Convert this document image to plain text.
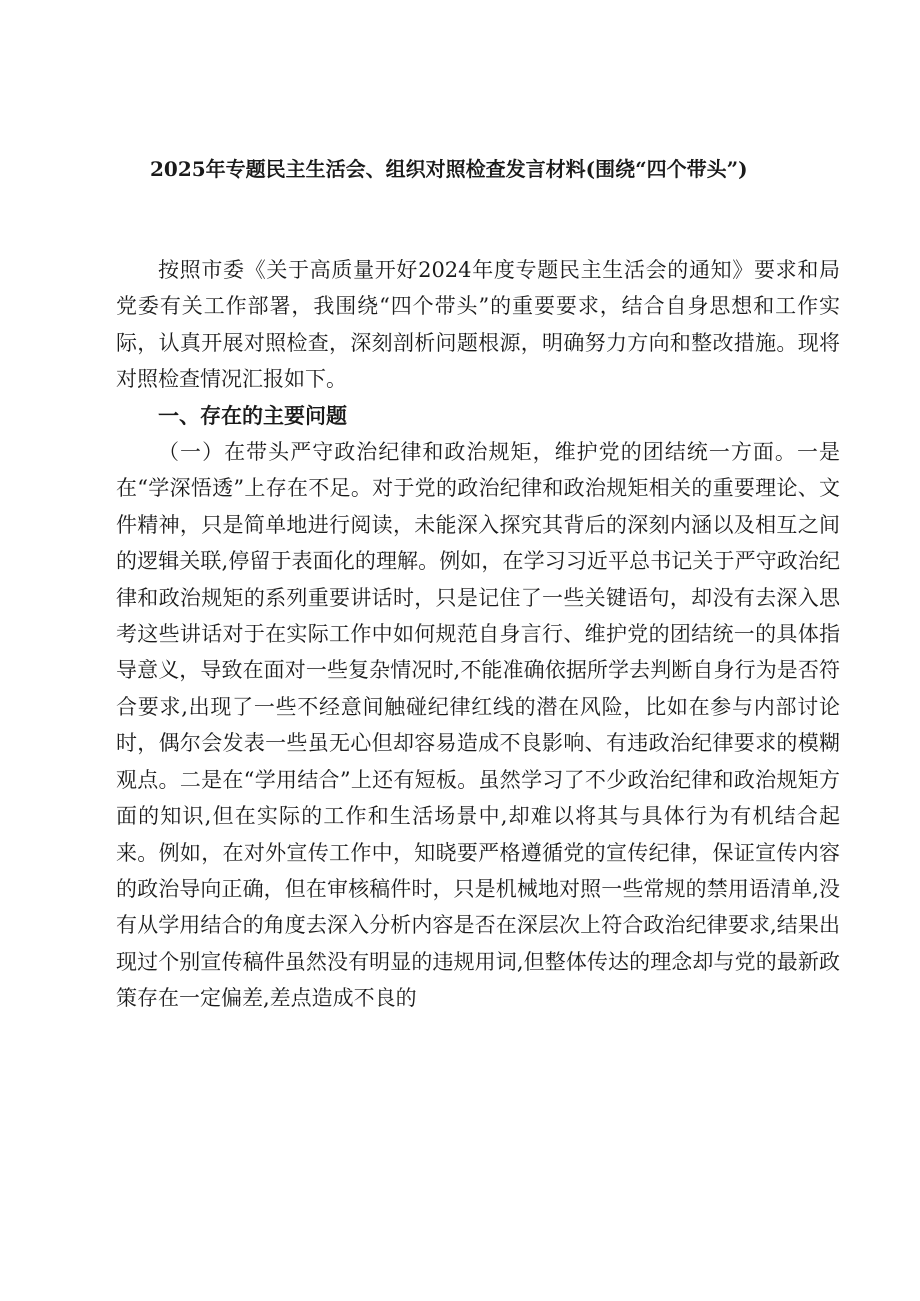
2025年专题民主生活会、组织对照检查发言材料(围绕“四个带头”)

按照市委《关于高质量开好2024年度专题民主生活会的通知》要求和局党委有关工作部署，我围绕“四个带头”的重要要求，结合自身思想和工作实际，认真开展对照检查，深刻剖析问题根源，明确努力方向和整改措施。现将对照检查情况汇报如下。

一、存在的主要问题

（一）在带头严守政治纪律和政治规矩，维护党的团结统一方面。一是在“学深悟透”上存在不足。对于党的政治纪律和政治规矩相关的重要理论、文件精神，只是简单地进行阅读，未能深入探究其背后的深刻内涵以及相互之间的逻辑关联,停留于表面化的理解。例如，在学习习近平总书记关于严守政治纪律和政治规矩的系列重要讲话时，只是记住了一些关键语句，却没有去深入思考这些讲话对于在实际工作中如何规范自身言行、维护党的团结统一的具体指导意义，导致在面对一些复杂情况时,不能准确依据所学去判断自身行为是否符合要求,出现了一些不经意间触碰纪律红线的潜在风险，比如在参与内部讨论时，偶尔会发表一些虽无心但却容易造成不良影响、有违政治纪律要求的模糊观点。二是在“学用结合”上还有短板。虽然学习了不少政治纪律和政治规矩方面的知识,但在实际的工作和生活场景中,却难以将其与具体行为有机结合起来。例如，在对外宣传工作中，知晓要严格遵循党的宣传纪律，保证宣传内容的政治导向正确，但在审核稿件时，只是机械地对照一些常规的禁用语清单,没有从学用结合的角度去深入分析内容是否在深层次上符合政治纪律要求,结果出现过个别宣传稿件虽然没有明显的违规用词,但整体传达的理念却与党的最新政策存在一定偏差,差点造成不良的
